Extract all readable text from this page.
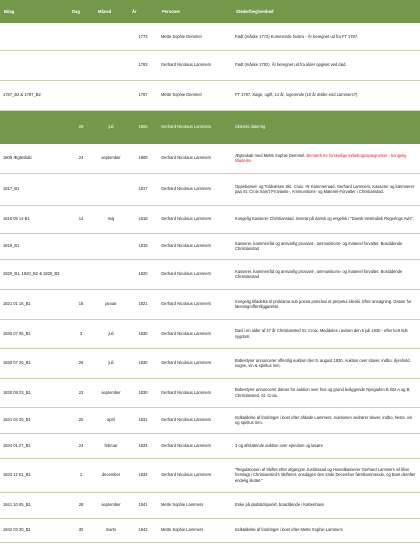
Bilag	Dag	Måned	År	Personer	Steder/begivenhed
			1773	Mette Sophie Demmel	Født (måske 1772) Kommende hustru - År beregnet ud fra FT 1787.
			1783	Gerhard Nicolaus Lammers	Født (måske 1782). År beregnet ud fra alder opgivet ved død.
1787_B3 & 1787_B2			1787	Mette Sophie Demmel	FT 1787, Køge, ugift, 14 år, logerende (10 år ældre end Lammers?)
	28	juli	1806	Gerhard Nicolaus Lammers	Skiemis datering
1809 Ægteskab	24	september	1809	Gerhard Nicolaus Lammers	Ægteskab med Mette Sophie Demmel. Bemærk tre forskellige kirkebogsoptegnelser - kongelig tilladelse.
1817_B1			1817	Gerhard Nicolaus Lammers	Oppebørsel- og Toldvæsen Skt. Croix. Hr Kammerraad, Gerhard Lammers, Kasserer og kæmnerer paa St. Croix Sam't Proviants-, Ammunitions- og Materiel-Forvalter i Christianstad.
1818 05 14 B1	14	maj	1818	Gerhard Nicolaus Lammers	Kongelig Kasserer Christianstad. Inserat på dansk og engelsk i "Dansk-Vestindisk Regerings Avis".
1818_B1			1819	Gerhard Nicolaus Lammers	Kasserer, kammerråd og ansvarlig proviant-, ammunitions- og materiel forvalter. Bosiddende Christianstad
1820_B1, 1820_B2 & 1820_B3			1820	Gerhard Nicolaus Lammers	Kasserer, kammerråd og ansvarlig proviant-, ammunitions- og materiel forvalter. Bosiddende Christianstad
1821 01 16_B1	16	januar	1821	Gerhard Nicolaus Lammers	Kongelig tilladelse til proklama sub poena præclusi et perpetui silentii. Efter ansøgning. Datoer for læsning/offentliggørelse.
1830 07 05_B1	3	juli	1830	Gerhard Nicolaus Lammers	Død i en alder af 47 år Christiansted St. Croix. Meddeles i avisen den 5 juli 1830 - efter kort tids sygdom.
1830 07 26_B1	26	juli	1830	Gerhard Nicolaus Lammers	Bobestyrer annoncerer offentlig auktion den 5. august 1830. Auktion over slaver, indbo, dyrehold, vogne, vin & spiritus mm.
1830 09 23_B1	23	september	1830	Gerhard Nicolaus Lammers	Bobestyrer annoncerer datoer for auktion over hus og grund beliggende Nyegaden B litra A og B, Christiansted, St. Croix.
1831 04 25_B1	25	april	1831	Gerhard Nicolaus Lammers	Indkaldelse af fordringer i boet efter afdøde Lammers. Auktionen vedrører slaver, indbo, heste, vin og spiritus mm.
1834 01 27_B1	24	februar	1834	Gerhard Nicolaus Lammers	3 og afsluttende auktion over ejendom og løsøre
1834 12 01_B1	1	december	1834	Gerhard Nicolaus Lammers	"Regulationen af Skiftet efter afgangne Justitsraad og Hovedkasserer Gerhard Lammers vil blive fremlagt i Christiansted's Skifteret, onsdagen den 24de December førstkommende, og Boet derefter endelig sluttet."
1841 10 05_B1	28	september	1841	Mette Sophie Lammers	Enke på dødstidspunkt, bosiddende i København
1842 03 30_B1	30	marts	1842	Mette Sophie Lammers	Indkaldelse af fordringer i boet efter Mette Sophie Lammers
